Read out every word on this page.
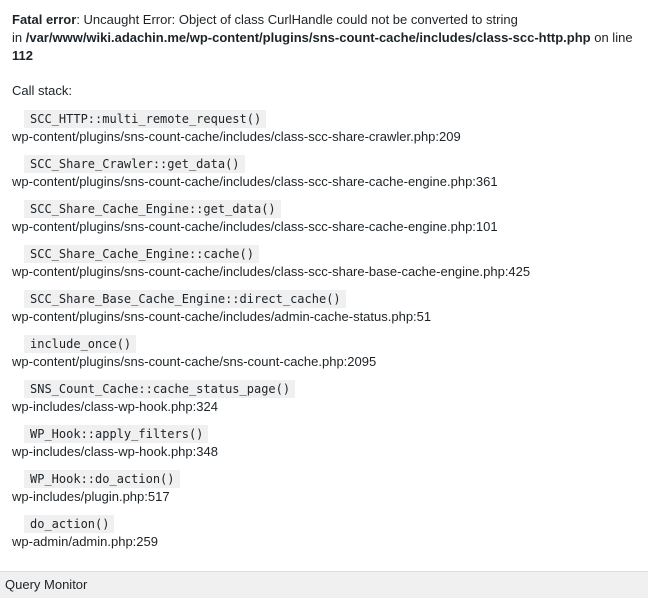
Fatal error: Uncaught Error: Object of class CurlHandle could not be converted to string

in /var/www/wiki.adachin.me/wp-content/plugins/sns-count-cache/includes/class-scc-http.php on line 112

Call stack:

SCC_HTTP::multi_remote_request()
wp-content/plugins/sns-count-cache/includes/class-scc-share-crawler.php:209
SCC_Share_Crawler::get_data()
wp-content/plugins/sns-count-cache/includes/class-scc-share-cache-engine.php:361
SCC_Share_Cache_Engine::get_data()
wp-content/plugins/sns-count-cache/includes/class-scc-share-cache-engine.php:101
SCC_Share_Cache_Engine::cache()
wp-content/plugins/sns-count-cache/includes/class-scc-share-base-cache-engine.php:425
SCC_Share_Base_Cache_Engine::direct_cache()
wp-content/plugins/sns-count-cache/includes/admin-cache-status.php:51
include_once()
wp-content/plugins/sns-count-cache/sns-count-cache.php:2095
SNS_Count_Cache::cache_status_page()
wp-includes/class-wp-hook.php:324
WP_Hook::apply_filters()
wp-includes/class-wp-hook.php:348
WP_Hook::do_action()
wp-includes/plugin.php:517
do_action()
wp-admin/admin.php:259
Query Monitor
